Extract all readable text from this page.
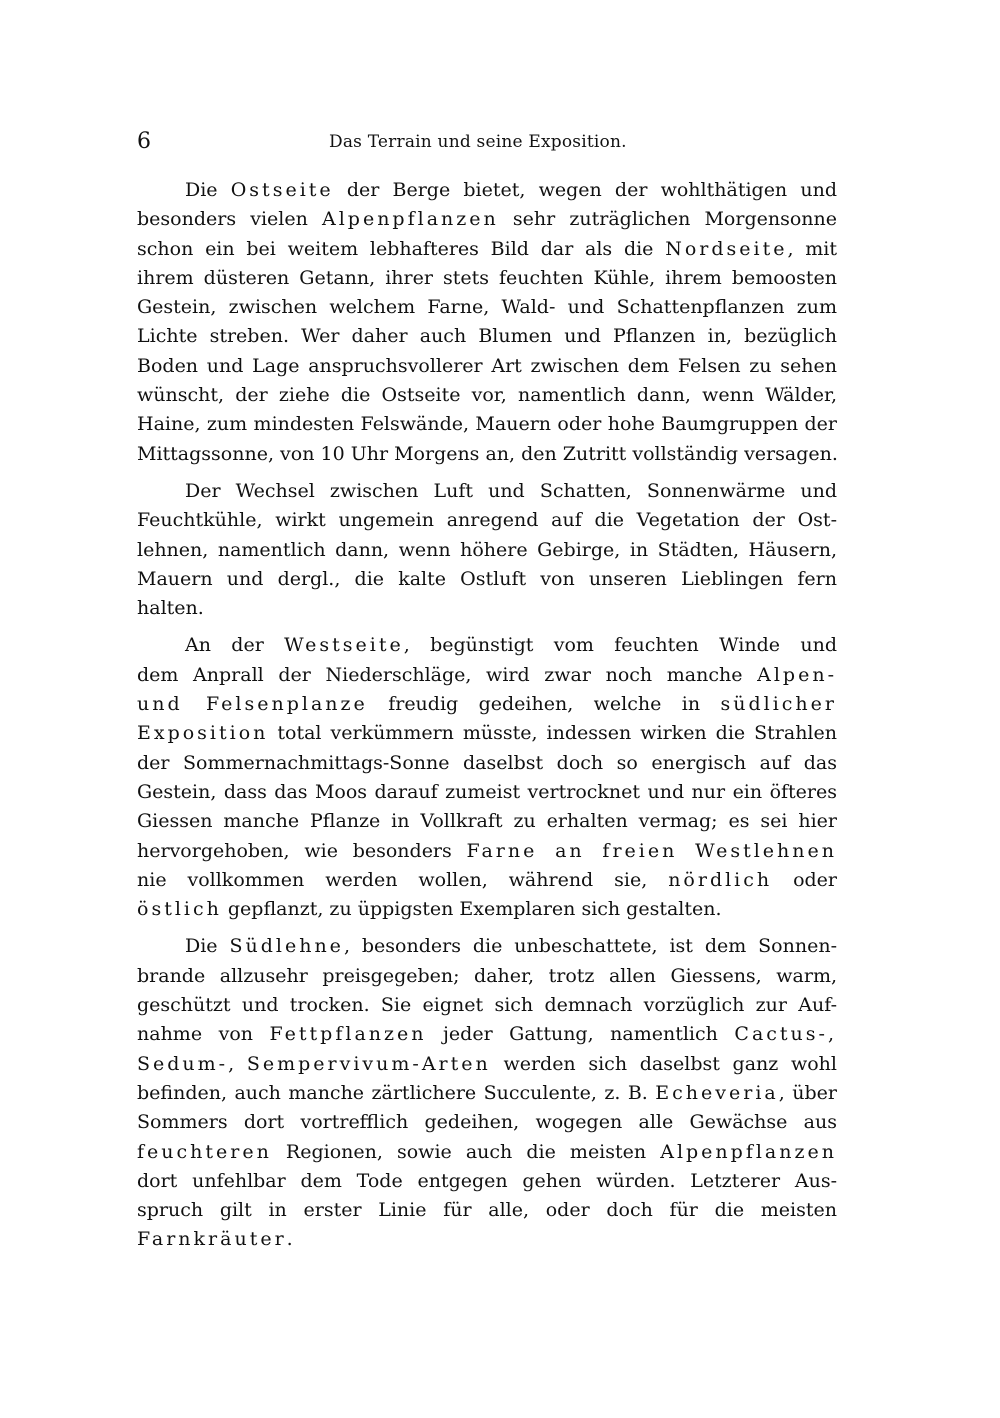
6	Das Terrain und seine Exposition.
Die Ostseite der Berge bietet, wegen der wohlthätigen und
besonders vielen Alpenpflanzen sehr zuträglichen Morgensonne
schon ein bei weitem lebhafteres Bild dar als die Nordseite, mit
ihrem düsteren Getann, ihrer stets feuchten Kühle, ihrem bemoosten
Gestein, zwischen welchem Farne, Wald- und Schattenpflanzen zum
Lichte streben. Wer daher auch Blumen und Pflanzen in, bezüglich
Boden und Lage anspruchsvollerer Art zwischen dem Felsen zu sehen
wünscht, der ziehe die Ostseite vor, namentlich dann, wenn Wälder,
Haine, zum mindesten Felswände, Mauern oder hohe Baumgruppen der
Mittagssonne, von 10 Uhr Morgens an, den Zutritt vollständig versagen.
Der Wechsel zwischen Luft und Schatten, Sonnenwärme und
Feuchtkühle, wirkt ungemein anregend auf die Vegetation der Ost-
lehnen, namentlich dann, wenn höhere Gebirge, in Städten, Häusern,
Mauern und dergl., die kalte Ostluft von unseren Lieblingen fern
halten.
An der Westseite, begünstigt vom feuchten Winde und
dem Anprall der Niederschläge, wird zwar noch manche Alpen-
und Felsenplanze freudig gedeihen, welche in südlicher
Exposition total verkümmern müsste, indessen wirken die Strahlen
der Sommernachmittags-Sonne daselbst doch so energisch auf das
Gestein, dass das Moos darauf zumeist vertrocknet und nur ein öfteres
Giessen manche Pflanze in Vollkraft zu erhalten vermag; es sei hier
hervorgehoben, wie besonders Farne an freien Westlehnen
nie vollkommen werden wollen, während sie, nördlich oder
östlich gepflanzt, zu üppigsten Exemplaren sich gestalten.
Die Südlehne, besonders die unbeschattete, ist dem Sonnen-
brande allzusehr preisgegeben; daher, trotz allen Giessens, warm,
geschützt und trocken. Sie eignet sich demnach vorzüglich zur Auf-
nahme von Fettpflanzen jeder Gattung, namentlich Cactus-,
Sedum-, Sempervivum-Arten werden sich daselbst ganz wohl
befinden, auch manche zärtlichere Succulente, z. B. Echeveria, über
Sommers dort vortrefflich gedeihen, wogegen alle Gewächse aus
feuchteren Regionen, sowie auch die meisten Alpenpflanzen
dort unfehlbar dem Tode entgegen gehen würden. Letzterer Aus-
spruch gilt in erster Linie für alle, oder doch für die meisten
Farnkräuter.
